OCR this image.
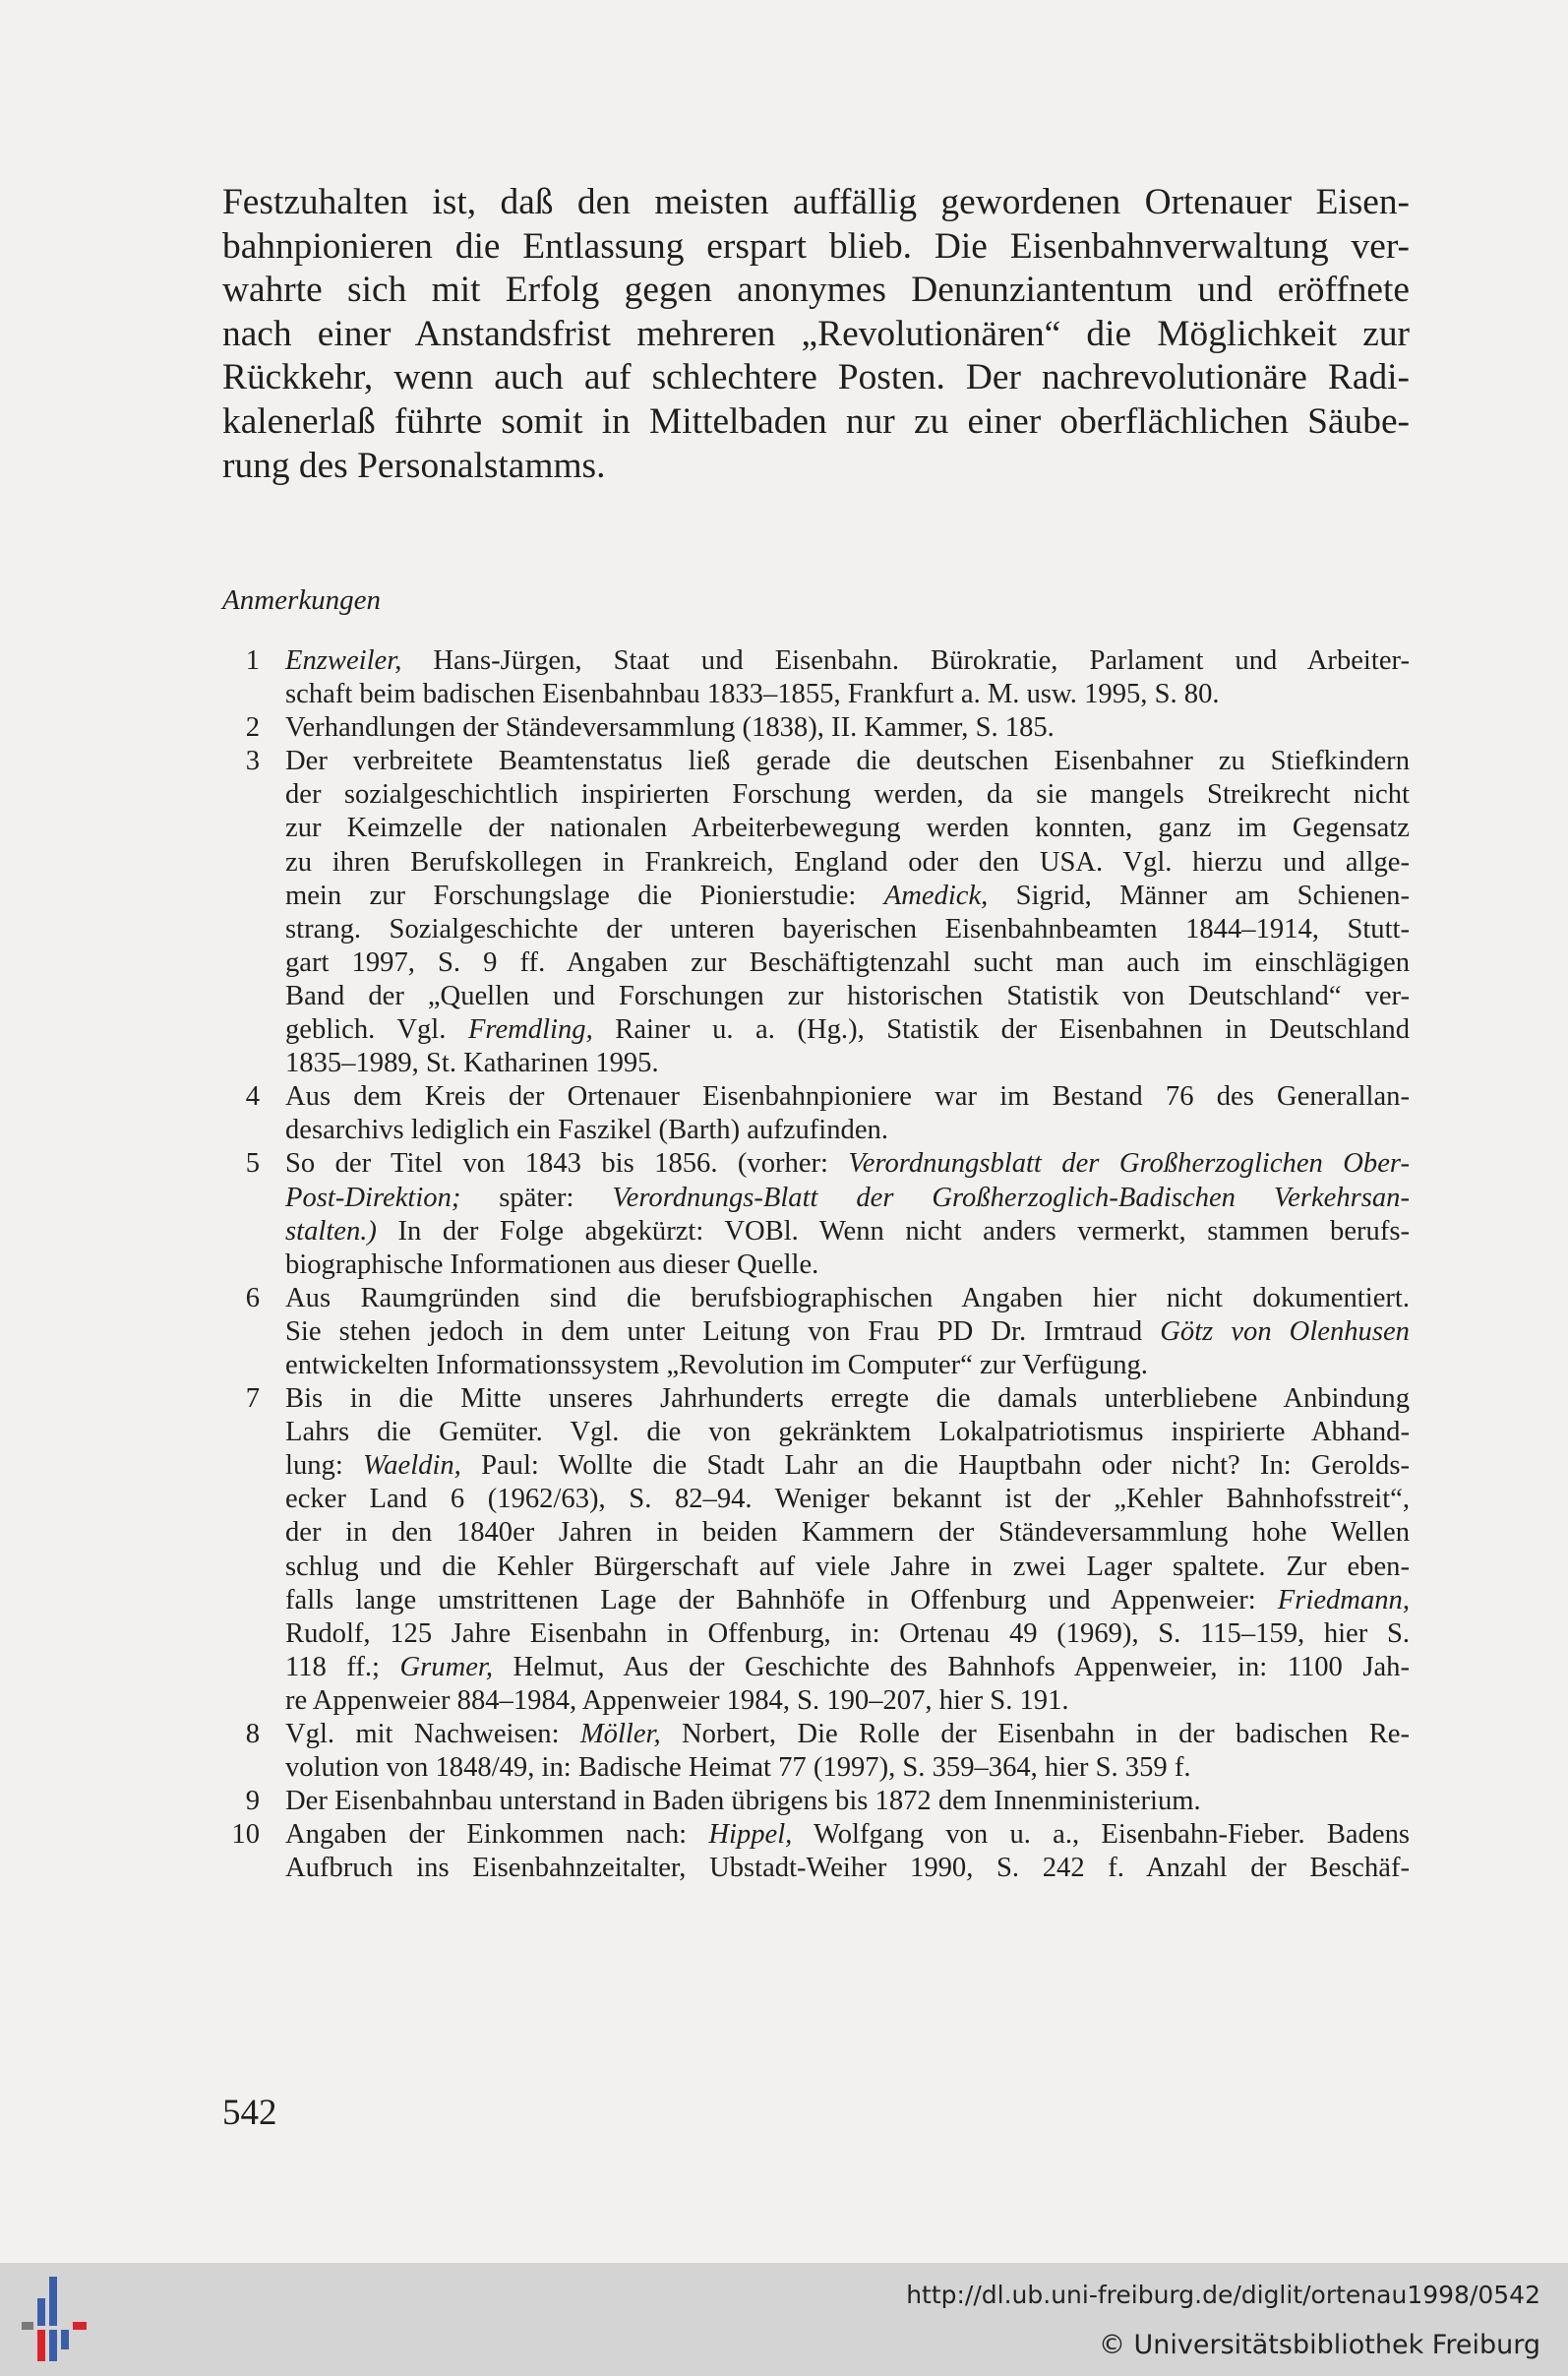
Festzuhalten ist, daß den meisten auffällig gewordenen Ortenauer Eisen-
bahnpionieren die Entlassung erspart blieb. Die Eisenbahnverwaltung ver-
wahrte sich mit Erfolg gegen anonymes Denunziantentum und eröffnete
nach einer Anstandsfrist mehreren „Revolutionären“ die Möglichkeit zur
Rückkehr, wenn auch auf schlechtere Posten. Der nachrevolutionäre Radi-
kalenerlaß führte somit in Mittelbaden nur zu einer oberflächlichen Säube-
rung des Personalstamms.
Anmerkungen
1 Enzweiler, Hans-Jürgen, Staat und Eisenbahn. Bürokratie, Parlament und Arbeiter-
schaft beim badischen Eisenbahnbau 1833–1855, Frankfurt a. M. usw. 1995, S. 80.
2 Verhandlungen der Ständeversammlung (1838), II. Kammer, S. 185.
3 Der verbreitete Beamtenstatus ließ gerade die deutschen Eisenbahner zu Stiefkindern
der sozialgeschichtlich inspirierten Forschung werden, da sie mangels Streikrecht nicht
zur Keimzelle der nationalen Arbeiterbewegung werden konnten, ganz im Gegensatz
zu ihren Berufskollegen in Frankreich, England oder den USA. Vgl. hierzu und allge-
mein zur Forschungslage die Pionierstudie: Amedick, Sigrid, Männer am Schienen-
strang. Sozialgeschichte der unteren bayerischen Eisenbahnbeamten 1844–1914, Stutt-
gart 1997, S. 9 ff. Angaben zur Beschäftigtenzahl sucht man auch im einschlägigen
Band der „Quellen und Forschungen zur historischen Statistik von Deutschland“ ver-
geblich. Vgl. Fremdling, Rainer u. a. (Hg.), Statistik der Eisenbahnen in Deutschland
1835–1989, St. Katharinen 1995.
4 Aus dem Kreis der Ortenauer Eisenbahnpioniere war im Bestand 76 des Generallan-
desarchivs lediglich ein Faszikel (Barth) aufzufinden.
5 So der Titel von 1843 bis 1856. (vorher: Verordnungsblatt der Großherzoglichen Ober-
Post-Direktion; später: Verordnungs-Blatt der Großherzoglich-Badischen Verkehrsan-
stalten.) In der Folge abgekürzt: VOBl. Wenn nicht anders vermerkt, stammen berufs-
biographische Informationen aus dieser Quelle.
6 Aus Raumgründen sind die berufsbiographischen Angaben hier nicht dokumentiert.
Sie stehen jedoch in dem unter Leitung von Frau PD Dr. Irmtraud Götz von Olenhusen
entwickelten Informationssystem „Revolution im Computer“ zur Verfügung.
7 Bis in die Mitte unseres Jahrhunderts erregte die damals unterbliebene Anbindung
Lahrs die Gemüter. Vgl. die von gekränktem Lokalpatriotismus inspirierte Abhand-
lung: Waeldin, Paul: Wollte die Stadt Lahr an die Hauptbahn oder nicht? In: Gerolds-
ecker Land 6 (1962/63), S. 82–94. Weniger bekannt ist der „Kehler Bahnhofsstreit“,
der in den 1840er Jahren in beiden Kammern der Ständeversammlung hohe Wellen
schlug und die Kehler Bürgerschaft auf viele Jahre in zwei Lager spaltete. Zur eben-
falls lange umstrittenen Lage der Bahnhöfe in Offenburg und Appenweier: Friedmann,
Rudolf, 125 Jahre Eisenbahn in Offenburg, in: Ortenau 49 (1969), S. 115–159, hier S.
118 ff.; Grumer, Helmut, Aus der Geschichte des Bahnhofs Appenweier, in: 1100 Jah-
re Appenweier 884–1984, Appenweier 1984, S. 190–207, hier S. 191.
8 Vgl. mit Nachweisen: Möller, Norbert, Die Rolle der Eisenbahn in der badischen Re-
volution von 1848/49, in: Badische Heimat 77 (1997), S. 359–364, hier S. 359 f.
9 Der Eisenbahnbau unterstand in Baden übrigens bis 1872 dem Innenministerium.
10 Angaben der Einkommen nach: Hippel, Wolfgang von u. a., Eisenbahn-Fieber. Badens
Aufbruch ins Eisenbahnzeitalter, Ubstadt-Weiher 1990, S. 242 f. Anzahl der Beschäf-
542
http://dl.ub.uni-freiburg.de/diglit/ortenau1998/0542
© Universitätsbibliothek Freiburg
